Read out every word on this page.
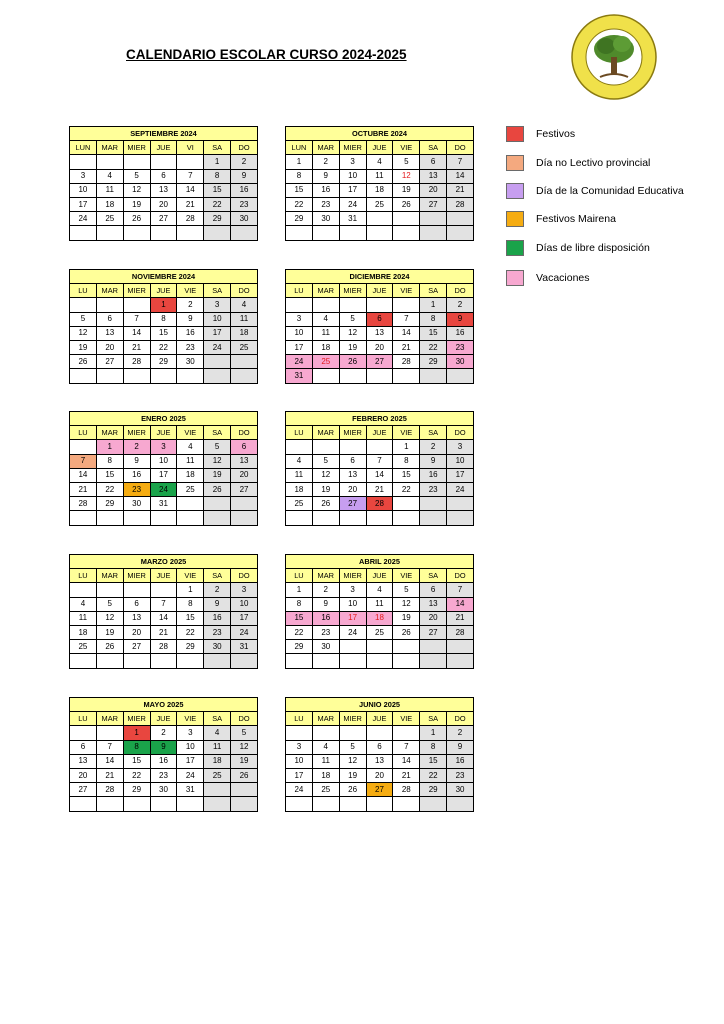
CALENDARIO ESCOLAR CURSO 2024-2025
Festivos
Día no Lectivo provincial
Día de la Comunidad Educativa
Festivos Mairena
Días de libre disposición
Vacaciones
SEPTIEMBRE 2024						
LUN	MAR	MIER	JUE	VI	SA	DO
					1	2
3	4	5	6	7	8	9
10	11	12	13	14	15	16
17	18	19	20	21	22	23
24	25	26	27	28	29	30

OCTUBRE 2024						
LUN	MAR	MIER	JUE	VIE	SA	DO
1	2	3	4	5	6	7
8	9	10	11	12	13	14
15	16	17	18	19	20	21
22	23	24	25	26	27	28
29	30	31				

NOVIEMBRE 2024						
LU	MAR	MIER	JUE	VIE	SA	DO
			1	2	3	4
5	6	7	8	9	10	11
12	13	14	15	16	17	18
19	20	21	22	23	24	25
26	27	28	29	30		

DICIEMBRE 2024						
LU	MAR	MIER	JUE	VIE	SA	DO
					1	2
3	4	5	6	7	8	9
10	11	12	13	14	15	16
17	18	19	20	21	22	23
24	25	26	27	28	29	30
31						
ENERO 2025						
LU	MAR	MIER	JUE	VIE	SA	DO
	1	2	3	4	5	6
7	8	9	10	11	12	13
14	15	16	17	18	19	20
21	22	23	24	25	26	27
28	29	30	31			

FEBRERO 2025						
LU	MAR	MIER	JUE	VIE	SA	DO
				1	2	3
4	5	6	7	8	9	10
11	12	13	14	15	16	17
18	19	20	21	22	23	24
25	26	27	28			

MARZO 2025						
LU	MAR	MIER	JUE	VIE	SA	DO
				1	2	3
4	5	6	7	8	9	10
11	12	13	14	15	16	17
18	19	20	21	22	23	24
25	26	27	28	29	30	31

ABRIL 2025						
LU	MAR	MIER	JUE	VIE	SA	DO
1	2	3	4	5	6	7
8	9	10	11	12	13	14
15	16	17	18	19	20	21
22	23	24	25	26	27	28
29	30					

MAYO 2025						
LU	MAR	MIER	JUE	VIE	SA	DO
		1	2	3	4	5
6	7	8	9	10	11	12
13	14	15	16	17	18	19
20	21	22	23	24	25	26
27	28	29	30	31		

JUNIO 2025						
LU	MAR	MIER	JUE	VIE	SA	DO
					1	2
3	4	5	6	7	8	9
10	11	12	13	14	15	16
17	18	19	20	21	22	23
24	25	26	27	28	29	30
